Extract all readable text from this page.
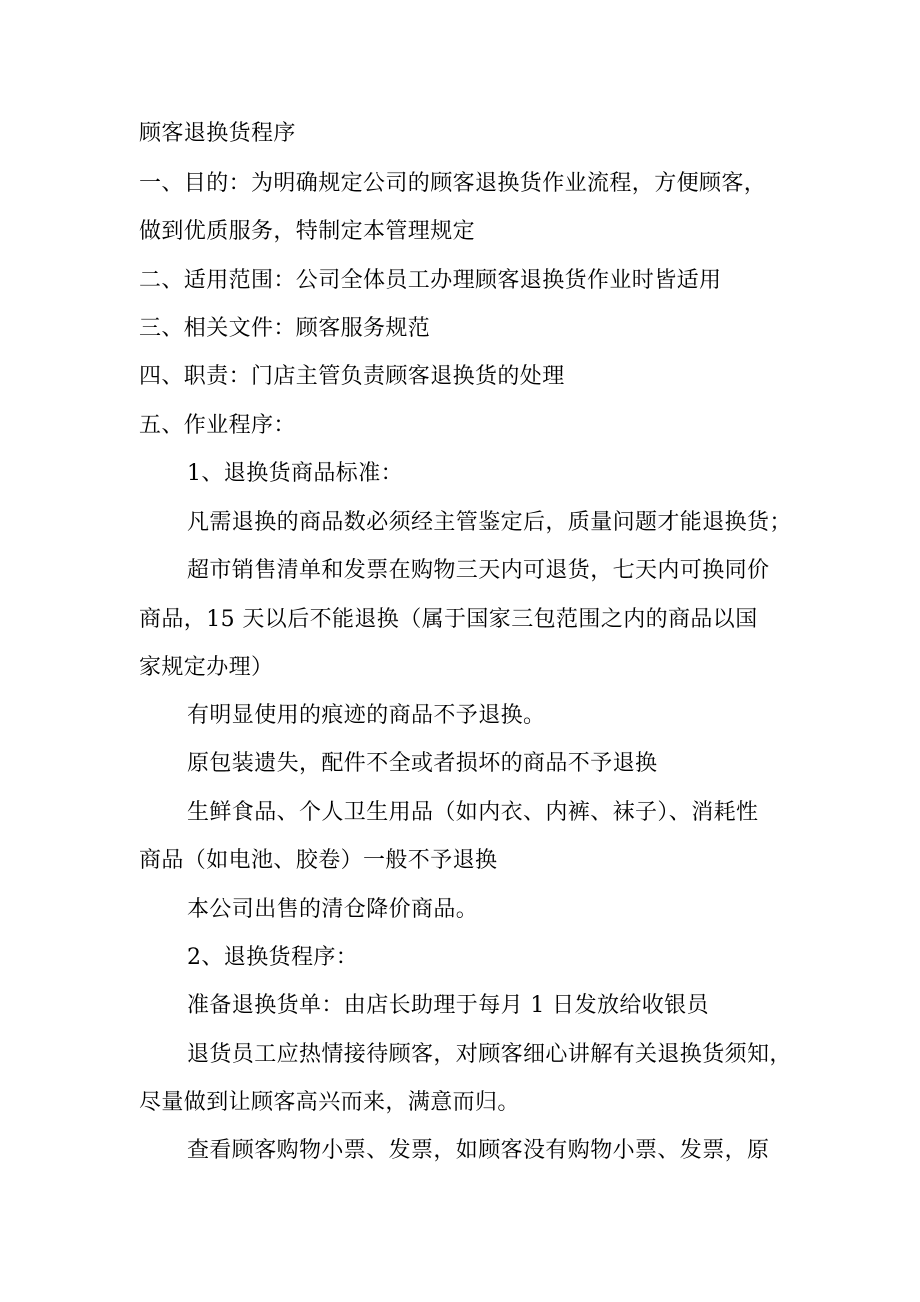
顾客退换货程序
一、目的：为明确规定公司的顾客退换货作业流程，方便顾客，
做到优质服务，特制定本管理规定
二、适用范围：公司全体员工办理顾客退换货作业时皆适用
三、相关文件：顾客服务规范
四、职责：门店主管负责顾客退换货的处理
五、作业程序：
1、退换货商品标准：
凡需退换的商品数必须经主管鉴定后，质量问题才能退换货；
超市销售清单和发票在购物三天内可退货，七天内可换同价
商品，15 天以后不能退换（属于国家三包范围之内的商品以国
家规定办理）
有明显使用的痕迹的商品不予退换。
原包装遗失，配件不全或者损坏的商品不予退换
生鲜食品、个人卫生用品（如内衣、内裤、袜子）、消耗性
商品（如电池、胶卷）一般不予退换
本公司出售的清仓降价商品。
2、退换货程序：
准备退换货单：由店长助理于每月 1 日发放给收银员
退货员工应热情接待顾客，对顾客细心讲解有关退换货须知，
尽量做到让顾客高兴而来，满意而归。
查看顾客购物小票、发票，如顾客没有购物小票、发票，原
